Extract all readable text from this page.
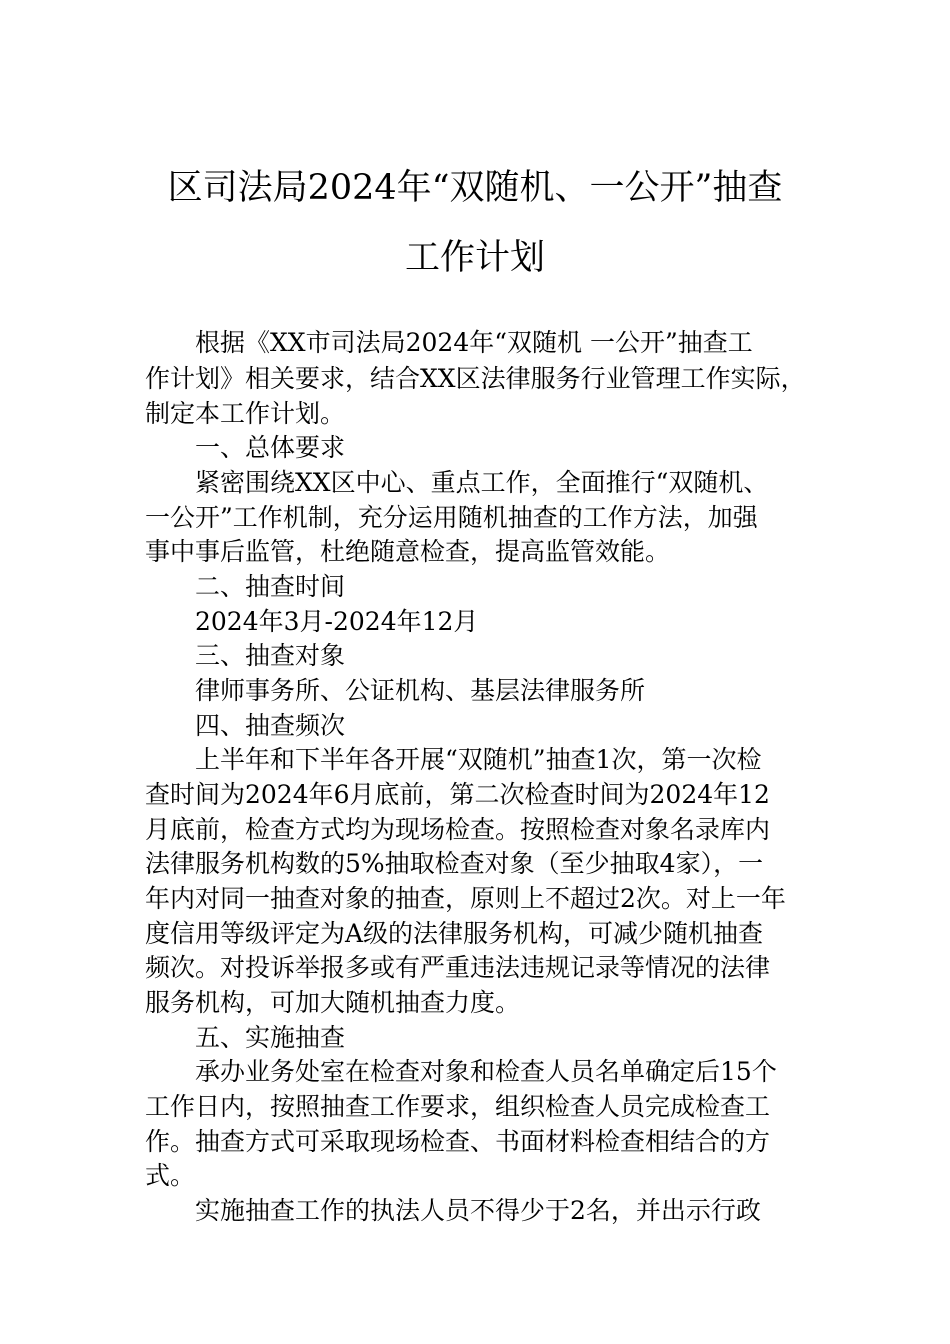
区司法局2024年“双随机、一公开”抽查
工作计划
根据《XX市司法局2024年“双随机 一公开”抽查工
作计划》相关要求，结合XX区法律服务行业管理工作实际，
制定本工作计划。
一、总体要求
紧密围绕XX区中心、重点工作，全面推行“双随机、
一公开”工作机制，充分运用随机抽查的工作方法，加强
事中事后监管，杜绝随意检查，提高监管效能。
二、抽查时间
2024年3月-2024年12月
三、抽查对象
律师事务所、公证机构、基层法律服务所
四、抽查频次
上半年和下半年各开展“双随机”抽查1次，第一次检
查时间为2024年6月底前，第二次检查时间为2024年12
月底前，检查方式均为现场检查。按照检查对象名录库内
法律服务机构数的5%抽取检查对象（至少抽取4家），一
年内对同一抽查对象的抽查，原则上不超过2次。对上一年
度信用等级评定为A级的法律服务机构，可减少随机抽查
频次。对投诉举报多或有严重违法违规记录等情况的法律
服务机构，可加大随机抽查力度。
五、实施抽查
承办业务处室在检查对象和检查人员名单确定后15个
工作日内，按照抽查工作要求，组织检查人员完成检查工
作。抽查方式可采取现场检查、书面材料检查相结合的方
式。
实施抽查工作的执法人员不得少于2名，并出示行政
